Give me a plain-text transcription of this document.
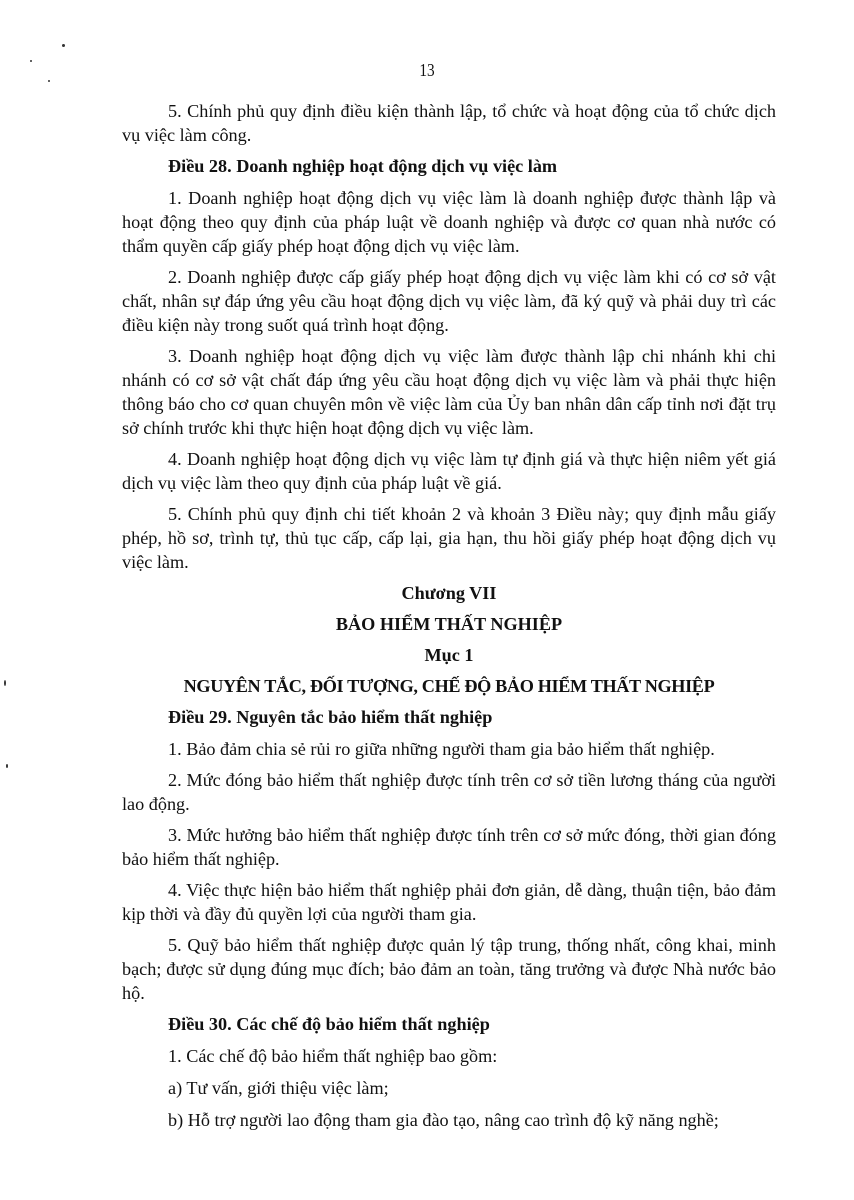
13

5. Chính phủ quy định điều kiện thành lập, tổ chức và hoạt động của tổ chức dịch vụ việc làm công.

Điều 28. Doanh nghiệp hoạt động dịch vụ việc làm

1. Doanh nghiệp hoạt động dịch vụ việc làm là doanh nghiệp được thành lập và hoạt động theo quy định của pháp luật về doanh nghiệp và được cơ quan nhà nước có thẩm quyền cấp giấy phép hoạt động dịch vụ việc làm.

2. Doanh nghiệp được cấp giấy phép hoạt động dịch vụ việc làm khi có cơ sở vật chất, nhân sự đáp ứng yêu cầu hoạt động dịch vụ việc làm, đã ký quỹ và phải duy trì các điều kiện này trong suốt quá trình hoạt động.

3. Doanh nghiệp hoạt động dịch vụ việc làm được thành lập chi nhánh khi chi nhánh có cơ sở vật chất đáp ứng yêu cầu hoạt động dịch vụ việc làm và phải thực hiện thông báo cho cơ quan chuyên môn về việc làm của Ủy ban nhân dân cấp tỉnh nơi đặt trụ sở chính trước khi thực hiện hoạt động dịch vụ việc làm.

4. Doanh nghiệp hoạt động dịch vụ việc làm tự định giá và thực hiện niêm yết giá dịch vụ việc làm theo quy định của pháp luật về giá.

5. Chính phủ quy định chi tiết khoản 2 và khoản 3 Điều này; quy định mẫu giấy phép, hồ sơ, trình tự, thủ tục cấp, cấp lại, gia hạn, thu hồi giấy phép hoạt động dịch vụ việc làm.

Chương VII

BẢO HIỂM THẤT NGHIỆP

Mục 1

NGUYÊN TẮC, ĐỐI TƯỢNG, CHẾ ĐỘ BẢO HIỂM THẤT NGHIỆP

Điều 29. Nguyên tắc bảo hiểm thất nghiệp

1. Bảo đảm chia sẻ rủi ro giữa những người tham gia bảo hiểm thất nghiệp.

2. Mức đóng bảo hiểm thất nghiệp được tính trên cơ sở tiền lương tháng của người lao động.

3. Mức hưởng bảo hiểm thất nghiệp được tính trên cơ sở mức đóng, thời gian đóng bảo hiểm thất nghiệp.

4. Việc thực hiện bảo hiểm thất nghiệp phải đơn giản, dễ dàng, thuận tiện, bảo đảm kịp thời và đầy đủ quyền lợi của người tham gia.

5. Quỹ bảo hiểm thất nghiệp được quản lý tập trung, thống nhất, công khai, minh bạch; được sử dụng đúng mục đích; bảo đảm an toàn, tăng trưởng và được Nhà nước bảo hộ.

Điều 30. Các chế độ bảo hiểm thất nghiệp

1. Các chế độ bảo hiểm thất nghiệp bao gồm:

a) Tư vấn, giới thiệu việc làm;

b) Hỗ trợ người lao động tham gia đào tạo, nâng cao trình độ kỹ năng nghề;
